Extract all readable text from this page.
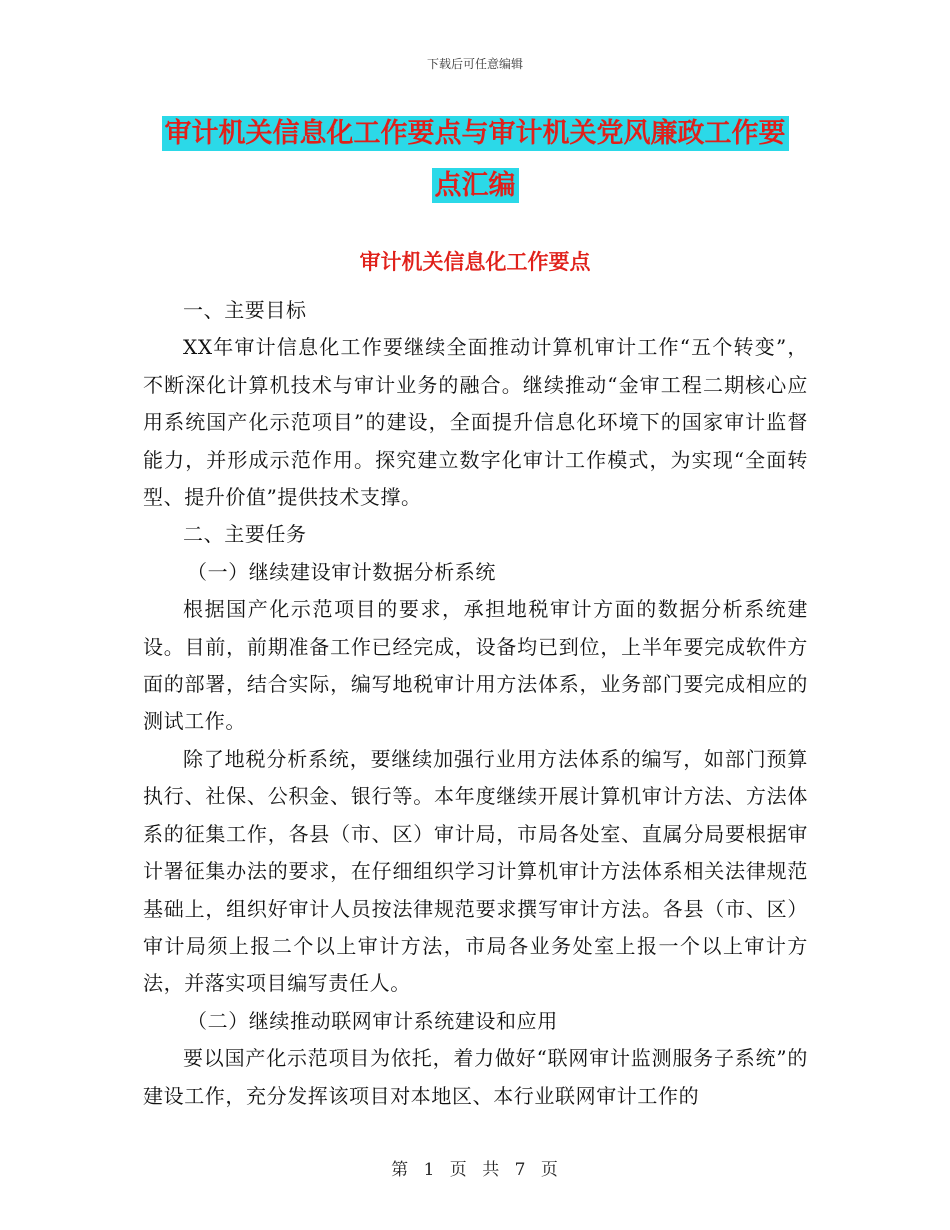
下载后可任意编辑
审计机关信息化工作要点与审计机关党风廉政工作要
点汇编
审计机关信息化工作要点

一、主要目标

XX年审计信息化工作要继续全面推动计算机审计工作“五个转变”，不断深化计算机技术与审计业务的融合。继续推动“金审工程二期核心应用系统国产化示范项目”的建设，全面提升信息化环境下的国家审计监督能力，并形成示范作用。探究建立数字化审计工作模式，为实现“全面转型、提升价值”提供技术支撑。

二、主要任务

（一）继续建设审计数据分析系统

根据国产化示范项目的要求，承担地税审计方面的数据分析系统建设。目前，前期准备工作已经完成，设备均已到位，上半年要完成软件方面的部署，结合实际，编写地税审计用方法体系，业务部门要完成相应的测试工作。

除了地税分析系统，要继续加强行业用方法体系的编写，如部门预算执行、社保、公积金、银行等。本年度继续开展计算机审计方法、方法体系的征集工作，各县（市、区）审计局，市局各处室、直属分局要根据审计署征集办法的要求，在仔细组织学习计算机审计方法体系相关法律规范基础上，组织好审计人员按法律规范要求撰写审计方法。各县（市、区）审计局须上报二个以上审计方法，市局各业务处室上报一个以上审计方法，并落实项目编写责任人。

（二）继续推动联网审计系统建设和应用

要以国产化示范项目为依托，着力做好“联网审计监测服务子系统”的建设工作，充分发挥该项目对本地区、本行业联网审计工作的

第 1 页 共 7 页
